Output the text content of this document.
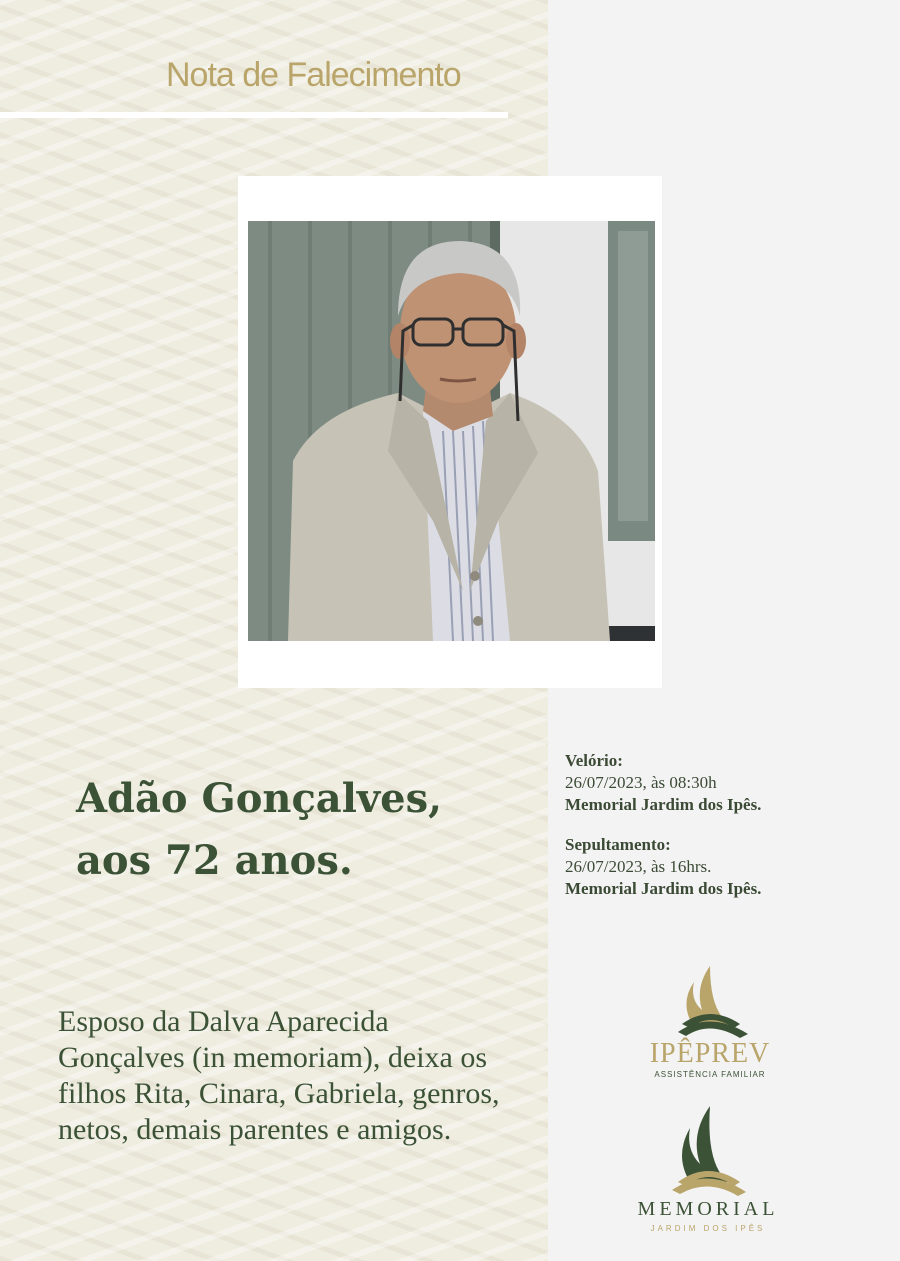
Nota de Falecimento
Adão Gonçalves,
aos 72 anos.
Velório:
26/07/2023, às 08:30h
Memorial Jardim dos Ipês.
Sepultamento:
26/07/2023, às 16hrs.
Memorial Jardim dos Ipês.

Esposo da Dalva Aparecida Gonçalves (in memoriam), deixa os filhos Rita, Cinara, Gabriela, genros, netos, demais parentes e amigos.

IPÊPREV
ASSISTÊNCIA FAMILIAR
MEMORIAL
JARDIM DOS IPÊS
